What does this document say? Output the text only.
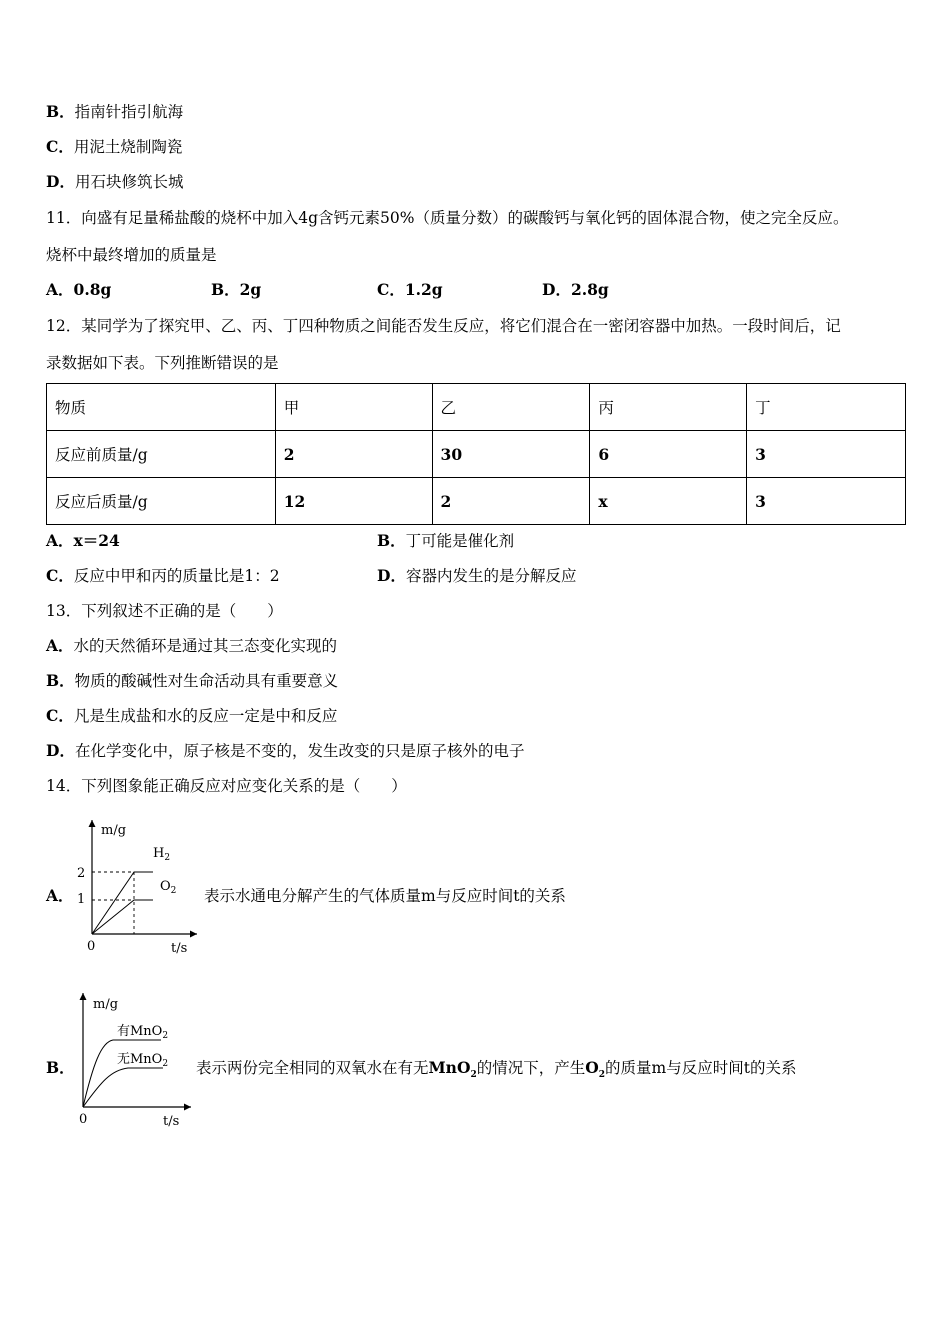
B．指南针指引航海
C．用泥土烧制陶瓷
D．用石块修筑长城
11．向盛有足量稀盐酸的烧杯中加入4g含钙元素50%（质量分数）的碳酸钙与氧化钙的固体混合物，使之完全反应。
烧杯中最终增加的质量是
A．0.8g	B．2g	C．1.2g	D．2.8g
12．某同学为了探究甲、乙、丙、丁四种物质之间能否发生反应，将它们混合在一密闭容器中加热。一段时间后，记
录数据如下表。下列推断错误的是
物质	甲	乙	丙	丁
反应前质量/g	2	30	6	3
反应后质量/g	12	2	x	3
A．x＝24	B．丁可能是催化剂
C．反应中甲和丙的质量比是1：2	D．容器内发生的是分解反应
13．下列叙述不正确的是（　　）
A．水的天然循环是通过其三态变化实现的
B．物质的酸碱性对生命活动具有重要意义
C．凡是生成盐和水的反应一定是中和反应
D．在化学变化中，原子核是不变的，发生改变的只是原子核外的电子
14．下列图象能正确反应对应变化关系的是（　　）
A．
m/g
t/s
0
2
1
$H_2$
$O_2$ 表示水通电分解产生的气体质量m与反应时间t的关系
B．
m/g
t/s
0
有MnO$_2$
无MnO$_2$ 表示两份完全相同的双氧水在有无MnO$_2$的情况下，产生$O_2$的质量m与反应时间t的关系
